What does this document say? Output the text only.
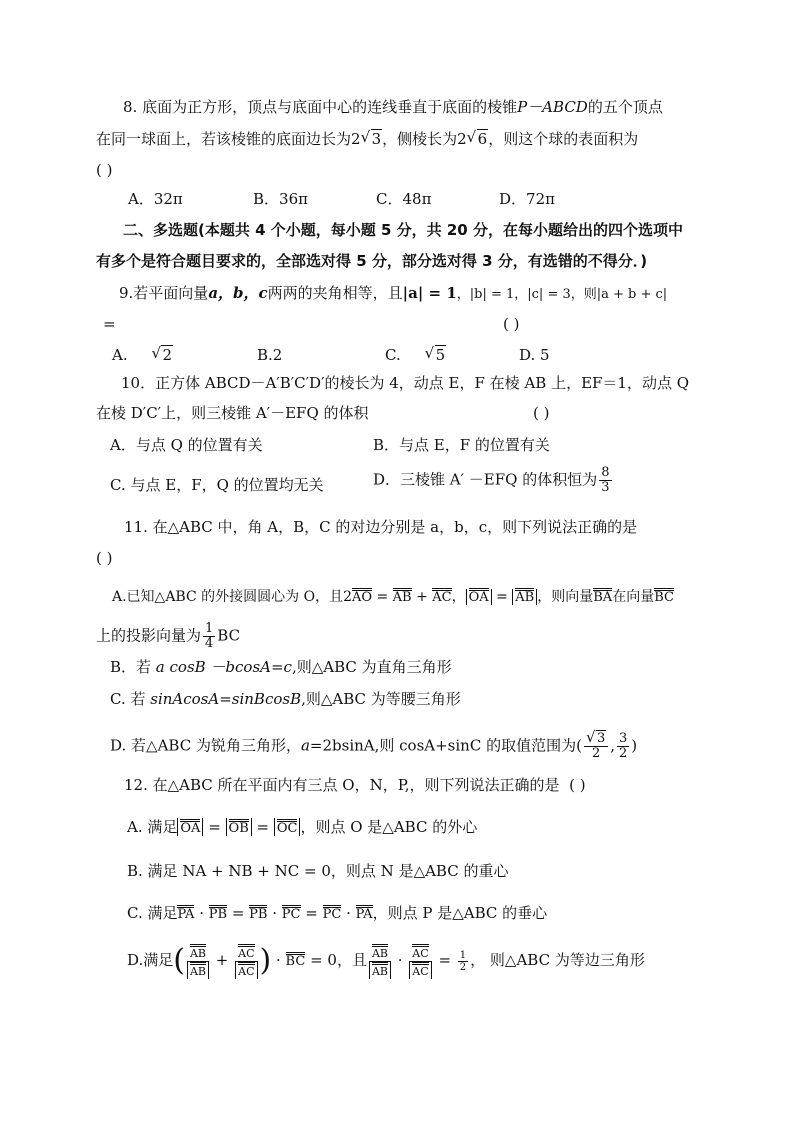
8. 底面为正方形，顶点与底面中心的连线垂直于底面的棱锥P－ABCD的五个顶点
在同一球面上，若该棱锥的底面边长为2 √ 3，侧棱长为2 √ 6，则这个球的表面积为
( )
A．32π	B．36π	C．48π	D．72π
二、多选题(本题共 4 个小题，每小题 5 分，共 20 分，在每小题给出的四个选项中
有多个是符合题目要求的，全部选对得 5 分，部分选对得 3 分，有选错的不得分．)
9.若平面向量a，b，c两两的夹角相等，且|a| = 1，|b| = 1，|c| = 3，则|a + b + c|
=	( )
A. √ 2	B.2	C. √ 5	D. 5
10．正方体 ABCD－A′B′C′D′的棱长为 4，动点 E，F 在棱 AB 上，EF＝1，动点 Q
在棱 D′C′上，则三棱锥 A′－EFQ 的体积	( )
A．与点 Q 的位置有关	B．与点 E，F 的位置有关
C. 与点 E，F，Q 的位置均无关	D．三棱锥 A′ －EFQ 的体积恒为 $\frac{8}{3}$
11. 在△ABC 中，角 A，B，C 的对边分别是 a，b，c，则下列说法正确的是
( )
A.已知△ABC 的外接圆圆心为 O，且2AO = AB + AC， OA = AB ，则向量BA在向量BC
上的投影向量为 $\frac{1}{4}$ BC
B．若 a cosB －bcosA=c,则△ABC 为直角三角形
C. 若 sinAcosA=sinBcosB,则△ABC 为等腰三角形
D. 若△ABC 为锐角三角形，a=2bsinA,则 cosA+sinC 的取值范围为( √ $\frac{3}{2}$ , $\frac{3}{2}$ )
12. 在△ABC 所在平面内有三点 O，N，P,，则下列说法正确的是 ( )
A. 满足 OA = OB = OC ，则点 O 是△ABC 的外心
B. 满足 NA + NB + NC = 0，则点 N 是△ABC 的重心
C. 满足PA · PB = PB · PC = PC · PA，则点 P 是△ABC 的垂心
D.满足( $\frac{AB}{AB} + \frac{AC}{AC}$ ) · BC = 0，且 $\frac{AB}{AB} \cdot \frac{AC}{AC} = \frac{1}{2}$ ， 则△ABC 为等边三角形
